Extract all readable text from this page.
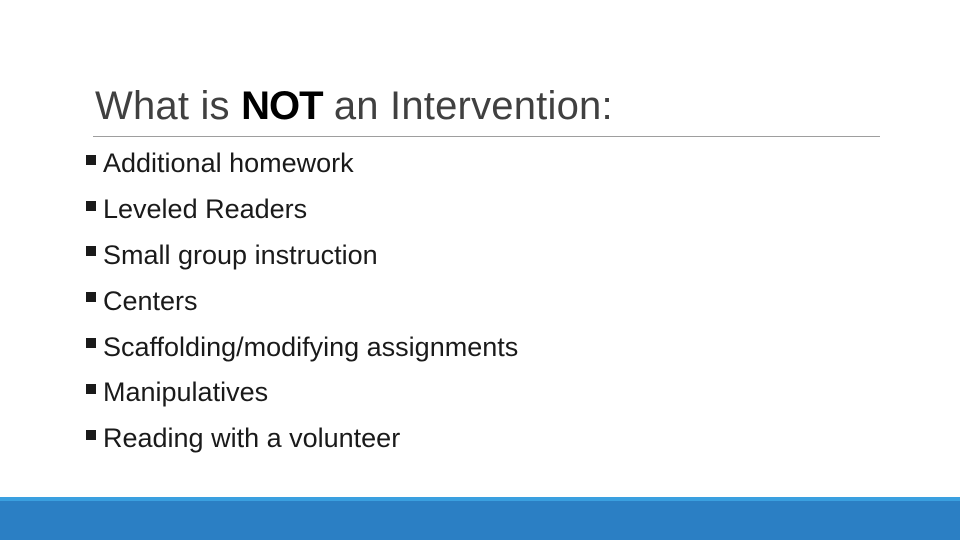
What is NOT an Intervention:
Additional homework
Leveled Readers
Small group instruction
Centers
Scaffolding/modifying assignments
Manipulatives
Reading with a volunteer
